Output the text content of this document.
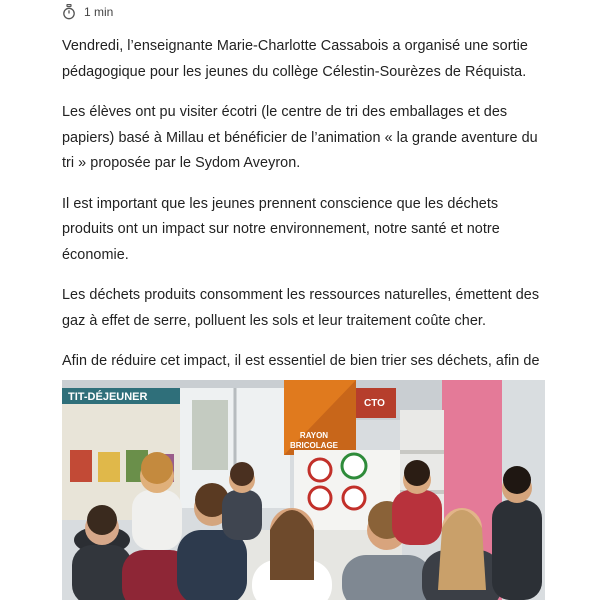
1 min

Vendredi, l’enseignante Marie-Charlotte Cassabois a organisé une sortie pédagogique pour les jeunes du collège Célestin-Sourèzes de Réquista.

Les élèves ont pu visiter écotri (le centre de tri des emballages et des papiers) basé à Millau et bénéficier de l’animation « la grande aventure du tri » proposée par le Sydom Aveyron.

Il est important que les jeunes prennent conscience que les déchets produits ont un impact sur notre environnement, notre santé et notre économie.

Les déchets produits consomment les ressources naturelles, émettent des gaz à effet de serre, polluent les sols et leur traitement coûte cher.

Afin de réduire cet impact, il est essentiel de bien trier ses déchets, afin de

TIT-DÉJEUNER
RAYON BRICOLAGE
CTO
